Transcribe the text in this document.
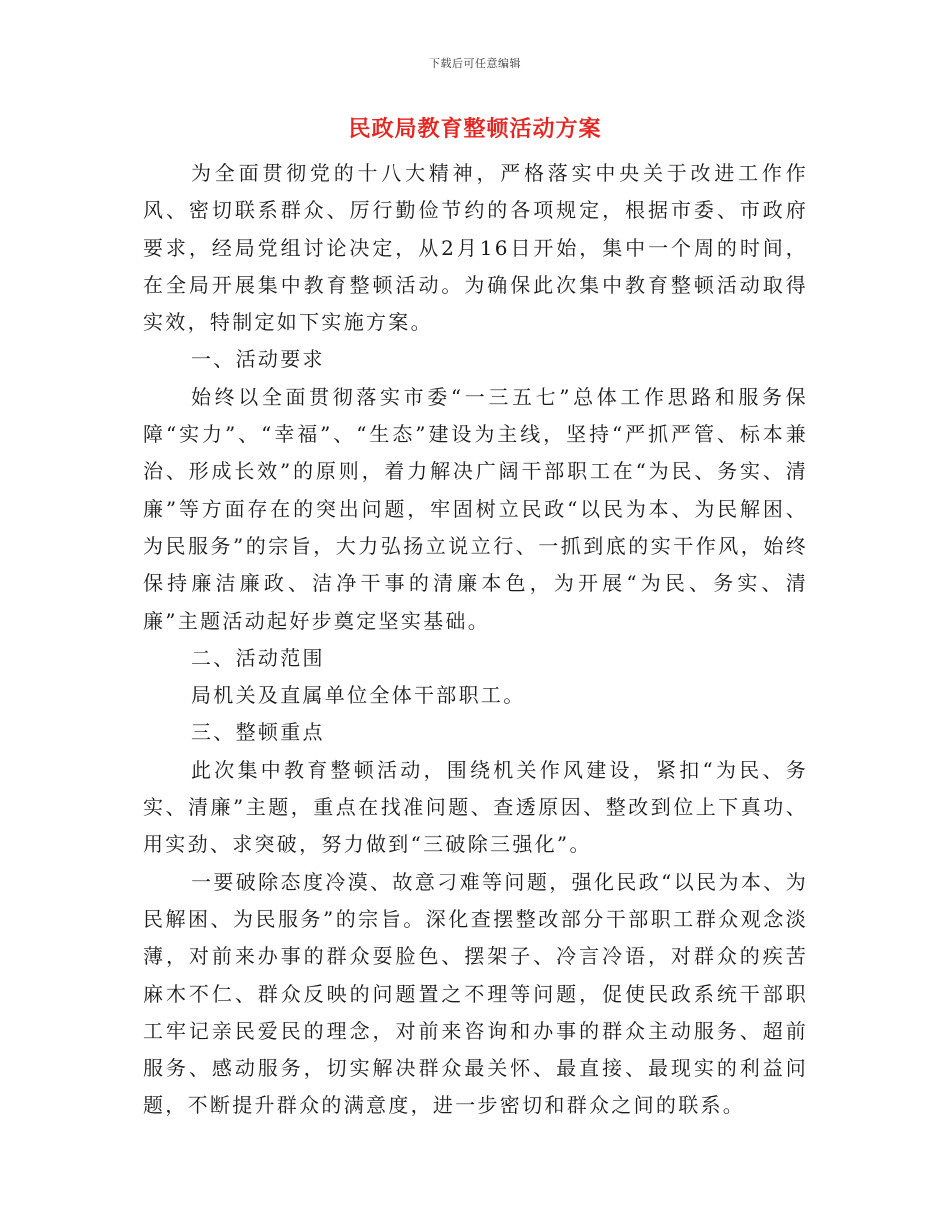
下载后可任意编辑
民政局教育整顿活动方案

为全面贯彻党的十八大精神，严格落实中央关于改进工作作风、密切联系群众、厉行勤俭节约的各项规定，根据市委、市政府要求，经局党组讨论决定，从2月16日开始，集中一个周的时间，在全局开展集中教育整顿活动。为确保此次集中教育整顿活动取得实效，特制定如下实施方案。

一、活动要求

始终以全面贯彻落实市委“一三五七”总体工作思路和服务保障“实力”、“幸福”、“生态”建设为主线，坚持“严抓严管、标本兼治、形成长效”的原则，着力解决广阔干部职工在“为民、务实、清廉”等方面存在的突出问题，牢固树立民政“以民为本、为民解困、为民服务”的宗旨，大力弘扬立说立行、一抓到底的实干作风，始终保持廉洁廉政、洁净干事的清廉本色，为开展“为民、务实、清廉”主题活动起好步奠定坚实基础。

二、活动范围

局机关及直属单位全体干部职工。

三、整顿重点

此次集中教育整顿活动，围绕机关作风建设，紧扣“为民、务实、清廉”主题，重点在找准问题、查透原因、整改到位上下真功、用实劲、求突破，努力做到“三破除三强化”。

一要破除态度冷漠、故意刁难等问题，强化民政“以民为本、为民解困、为民服务”的宗旨。深化查摆整改部分干部职工群众观念淡薄，对前来办事的群众耍脸色、摆架子、冷言冷语，对群众的疾苦麻木不仁、群众反映的问题置之不理等问题，促使民政系统干部职工牢记亲民爱民的理念，对前来咨询和办事的群众主动服务、超前服务、感动服务，切实解决群众最关怀、最直接、最现实的利益问题，不断提升群众的满意度，进一步密切和群众之间的联系。
